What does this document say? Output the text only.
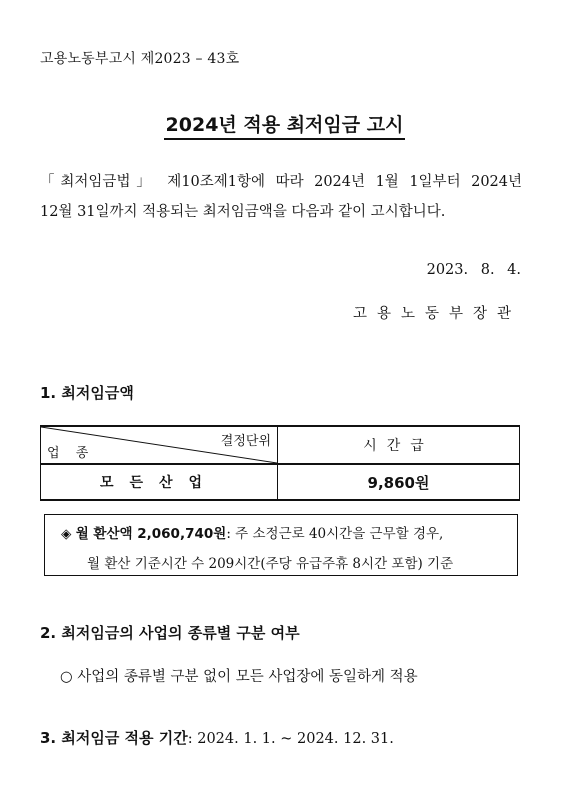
고용노동부고시 제2023 – 43호
2024년 적용 최저임금 고시
「최저임금법」 제10조제1항에 따라 2024년 1월 1일부터 2024년
12월 31일까지 적용되는 최저임금액을 다음과 같이 고시합니다.
2023. 8. 4.
고용노동부장관
1. 최저임금액
결정단위
업 종	시간급
모든산업	9,860원
◈ 월 환산액 2,060,740원: 주 소정근로 40시간을 근무할 경우,
월 환산 기준시간 수 209시간(주당 유급주휴 8시간 포함) 기준
2. 최저임금의 사업의 종류별 구분 여부
○ 사업의 종류별 구분 없이 모든 사업장에 동일하게 적용
3. 최저임금 적용 기간: 2024. 1. 1. ~ 2024. 12. 31.
